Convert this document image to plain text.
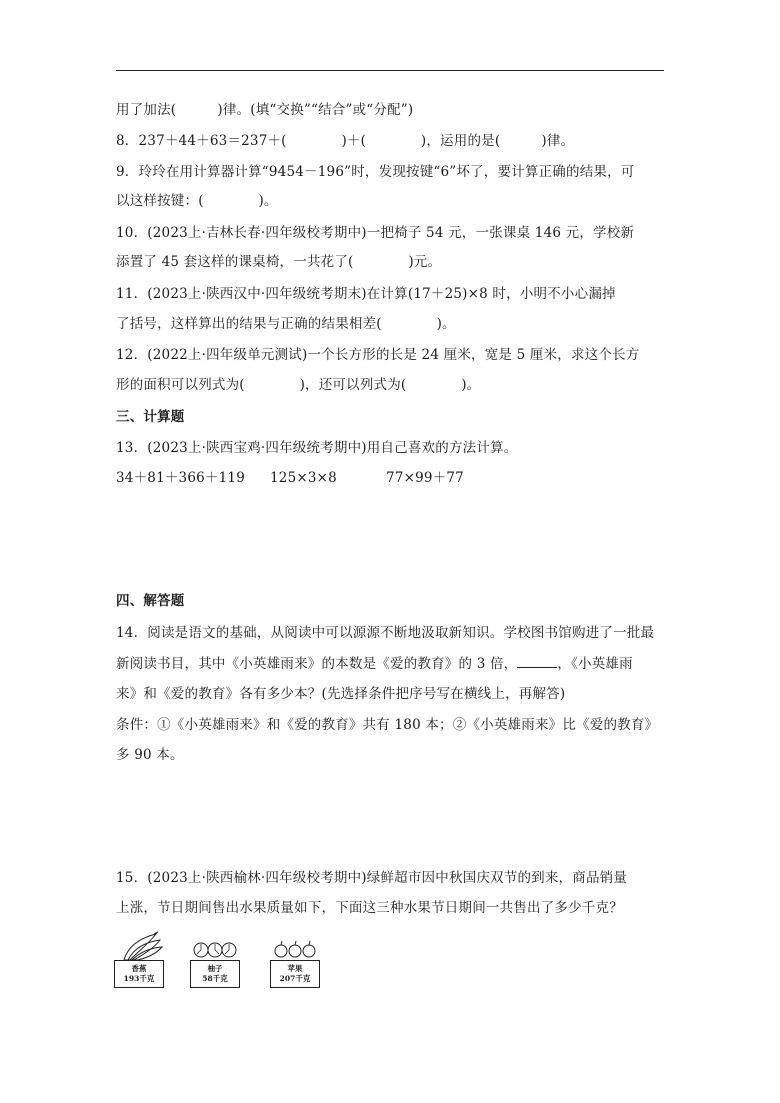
用了加法(　　　)律。(填“交换”“结合”或“分配”)
8．237＋44＋63＝237＋(　　　　)＋(　　　　)，运用的是(　　　)律。
9．玲玲在用计算器计算“9454－196”时，发现按键“6”坏了，要计算正确的结果，可
以这样按键：(　　　　)。
10．(2023上·吉林长春·四年级校考期中)一把椅子 54 元，一张课桌 146 元，学校新
添置了 45 套这样的课桌椅，一共花了(　　　　)元。
11．(2023上·陕西汉中·四年级统考期末)在计算(17＋25)×8 时，小明不小心漏掉
了括号，这样算出的结果与正确的结果相差(　　　　)。
12．(2022上·四年级单元测试)一个长方形的长是 24 厘米，宽是 5 厘米，求这个长方
形的面积可以列式为(　　　　)，还可以列式为(　　　　)。
三、计算题
13．(2023上·陕西宝鸡·四年级统考期中)用自己喜欢的方法计算。
34＋81＋366＋119 125×3×8	77×99＋77
四、解答题
14．阅读是语文的基础，从阅读中可以源源不断地汲取新知识。学校图书馆购进了一批最
新阅读书目，其中《小英雄雨来》的本数是《爱的教育》的 3 倍，	，《小英雄雨
来》和《爱的教育》各有多少本？(先选择条件把序号写在横线上，再解答)
条件：①《小英雄雨来》和《爱的教育》共有 180 本；②《小英雄雨来》比《爱的教育》
多 90 本。
15．(2023上·陕西榆林·四年级校考期中)绿鲜超市因中秋国庆双节的到来，商品销量
上涨，节日期间售出水果质量如下，下面这三种水果节日期间一共售出了多少千克？
香蕉
193千克
柚子
58千克
苹果
207千克
